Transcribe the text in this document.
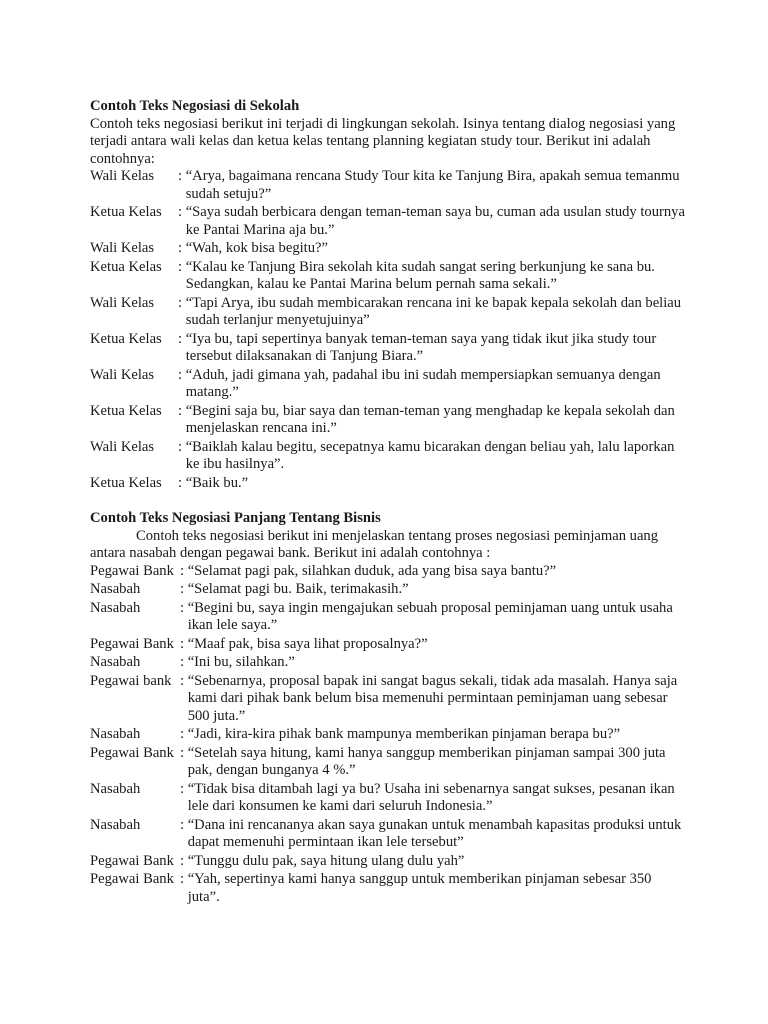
Contoh Teks Negosiasi di Sekolah
Contoh teks negosiasi berikut ini terjadi di lingkungan sekolah. Isinya tentang dialog negosiasi yang terjadi antara wali kelas dan ketua kelas tentang planning kegiatan study tour. Berikut ini adalah contohnya:
Wali Kelas	: “Arya, bagaimana rencana Study Tour kita ke Tanjung Bira, apakah semua temanmu sudah setuju?”
Ketua Kelas	: “Saya sudah berbicara dengan teman-teman saya bu, cuman ada usulan study tournya ke Pantai Marina aja bu.”
Wali Kelas	: “Wah, kok bisa begitu?”
Ketua Kelas	: “Kalau ke Tanjung Bira sekolah kita sudah sangat sering berkunjung ke sana bu. Sedangkan, kalau ke Pantai Marina belum pernah sama sekali.”
Wali Kelas	: “Tapi Arya, ibu sudah membicarakan rencana ini ke bapak kepala sekolah dan beliau sudah terlanjur menyetujuinya”
Ketua Kelas	: “Iya bu, tapi sepertinya banyak teman-teman saya yang tidak ikut jika study tour tersebut dilaksanakan di Tanjung Biara.”
Wali Kelas	: “Aduh, jadi gimana yah, padahal ibu ini sudah mempersiapkan semuanya dengan matang.”
Ketua Kelas	: “Begini saja bu, biar saya dan teman-teman yang menghadap ke kepala sekolah dan menjelaskan rencana ini.”
Wali Kelas	: “Baiklah kalau begitu, secepatnya kamu bicarakan dengan beliau yah, lalu laporkan ke ibu hasilnya”.
Ketua Kelas	: “Baik bu.”
Contoh Teks Negosiasi Panjang Tentang Bisnis
Contoh teks negosiasi berikut ini menjelaskan tentang proses negosiasi peminjaman uang antara nasabah dengan pegawai bank. Berikut ini adalah contohnya :
Pegawai Bank : “Selamat pagi pak, silahkan duduk, ada yang bisa saya bantu?”
Nasabah	: “Selamat pagi bu. Baik, terimakasih.”
Nasabah	: “Begini bu, saya ingin mengajukan sebuah proposal peminjaman uang untuk usaha ikan lele saya.”
Pegawai Bank : “Maaf pak, bisa saya lihat proposalnya?”
Nasabah	: “Ini bu, silahkan.”
Pegawai bank : “Sebenarnya, proposal bapak ini sangat bagus sekali, tidak ada masalah. Hanya saja kami dari pihak bank belum bisa memenuhi permintaan peminjaman uang sebesar 500 juta.”
Nasabah	: “Jadi, kira-kira pihak bank mampunya memberikan pinjaman berapa bu?”
Pegawai Bank : “Setelah saya hitung, kami hanya sanggup memberikan pinjaman sampai 300 juta pak, dengan bunganya 4 %.”
Nasabah	: “Tidak bisa ditambah lagi ya bu? Usaha ini sebenarnya sangat sukses, pesanan ikan lele dari konsumen ke kami dari seluruh Indonesia.”
Nasabah	: “Dana ini rencananya akan saya gunakan untuk menambah kapasitas produksi untuk dapat memenuhi permintaan ikan lele tersebut”
Pegawai Bank : “Tunggu dulu pak, saya hitung ulang dulu yah”
Pegawai Bank : “Yah, sepertinya kami hanya sanggup untuk memberikan pinjaman sebesar 350 juta”.
